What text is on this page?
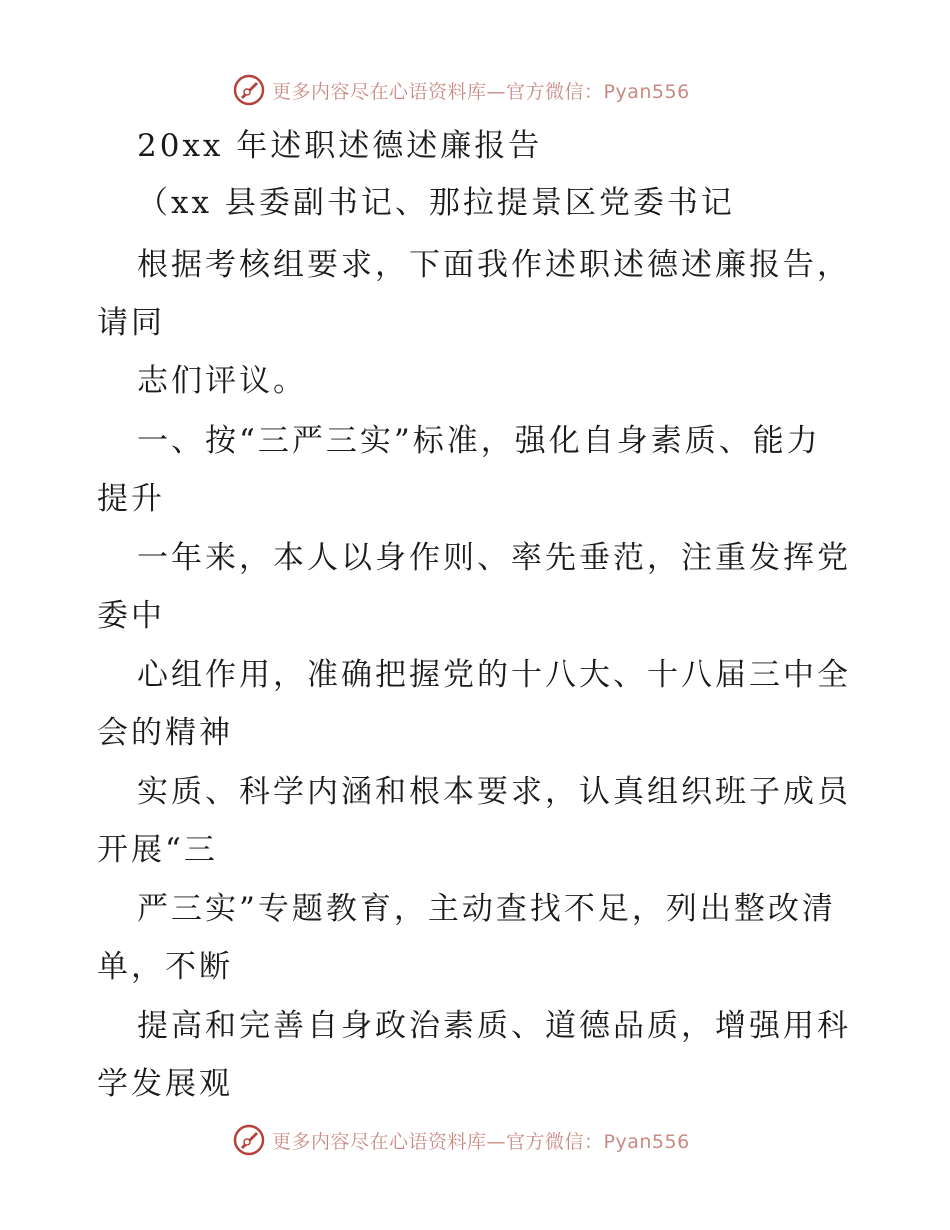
更多内容尽在心语资料库—官方微信：Pyan556
20xx 年述职述德述廉报告
（xx 县委副书记、那拉提景区党委书记
根据考核组要求，下面我作述职述德述廉报告，
请同
志们评议。
一、按“三严三实”标准，强化自身素质、能力
提升
一年来，本人以身作则、率先垂范，注重发挥党
委中
心组作用，准确把握党的十八大、十八届三中全
会的精神
实质、科学内涵和根本要求，认真组织班子成员
开展“三
严三实”专题教育，主动查找不足，列出整改清
单，不断
提高和完善自身政治素质、道德品质，增强用科
学发展观
更多内容尽在心语资料库—官方微信：Pyan556
